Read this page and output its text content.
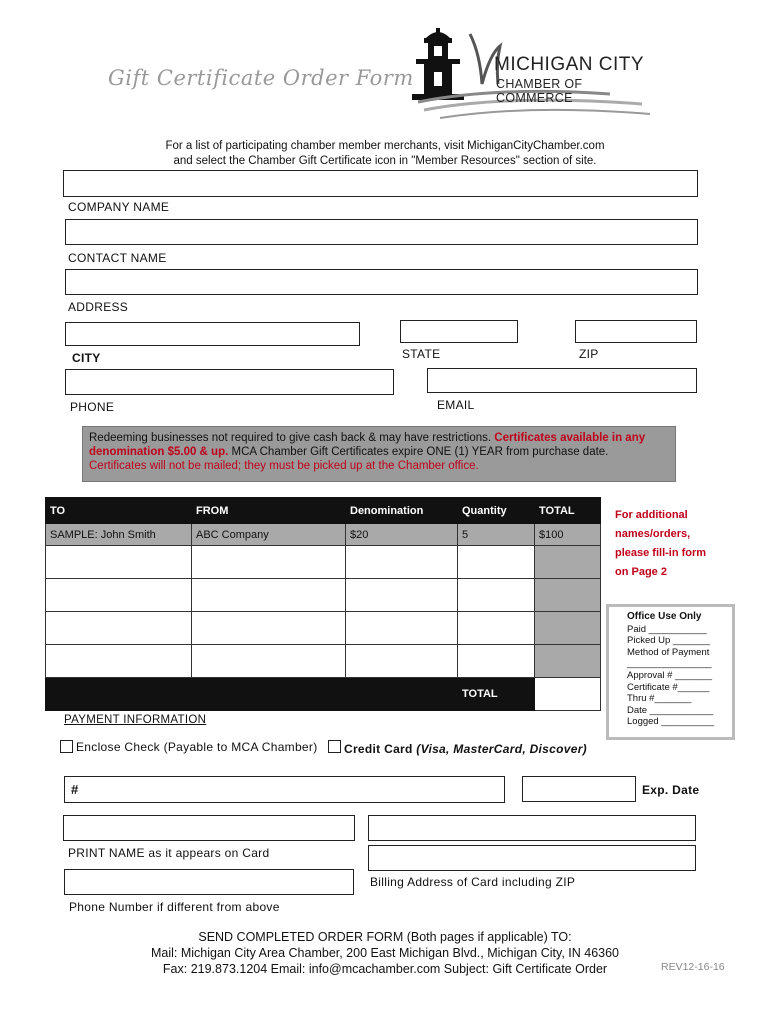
Gift Certificate Order Form
MICHIGAN CITY
CHAMBER OF COMMERCE
For a list of participating chamber member merchants, visit MichiganCityChamber.com
and select the Chamber Gift Certificate icon in "Member Resources" section of site.
COMPANY NAME
CONTACT NAME
ADDRESS
CITY	STATE	ZIP
PHONE	EMAIL
Redeeming businesses not required to give cash back & may have restrictions. Certificates available in any denomination $5.00 & up. MCA Chamber Gift Certificates expire ONE (1) YEAR from purchase date. Certificates will not be mailed; they must be picked up at the Chamber office.
TO	FROM	Denomination	Quantity	TOTAL
SAMPLE: John Smith	ABC Company	$20	5	$100

			TOTAL	
For additional
names/orders,
please fill-in form
on Page 2
Office Use Only
Paid ___________
Picked Up _______
Method of Payment
________________
Approval # _______
Certificate #______
Thru #_______
Date ____________
Logged __________
PAYMENT INFORMATION
Enclose Check (Payable to MCA Chamber) Credit Card (Visa, MasterCard, Discover)
#	Exp. Date
PRINT NAME as it appears on Card
Billing Address of Card including ZIP
Phone Number if different from above
SEND COMPLETED ORDER FORM (Both pages if applicable) TO:
Mail: Michigan City Area Chamber, 200 East Michigan Blvd., Michigan City, IN 46360
Fax: 219.873.1204 Email: info@mcachamber.com Subject: Gift Certificate Order	REV12-16-16
